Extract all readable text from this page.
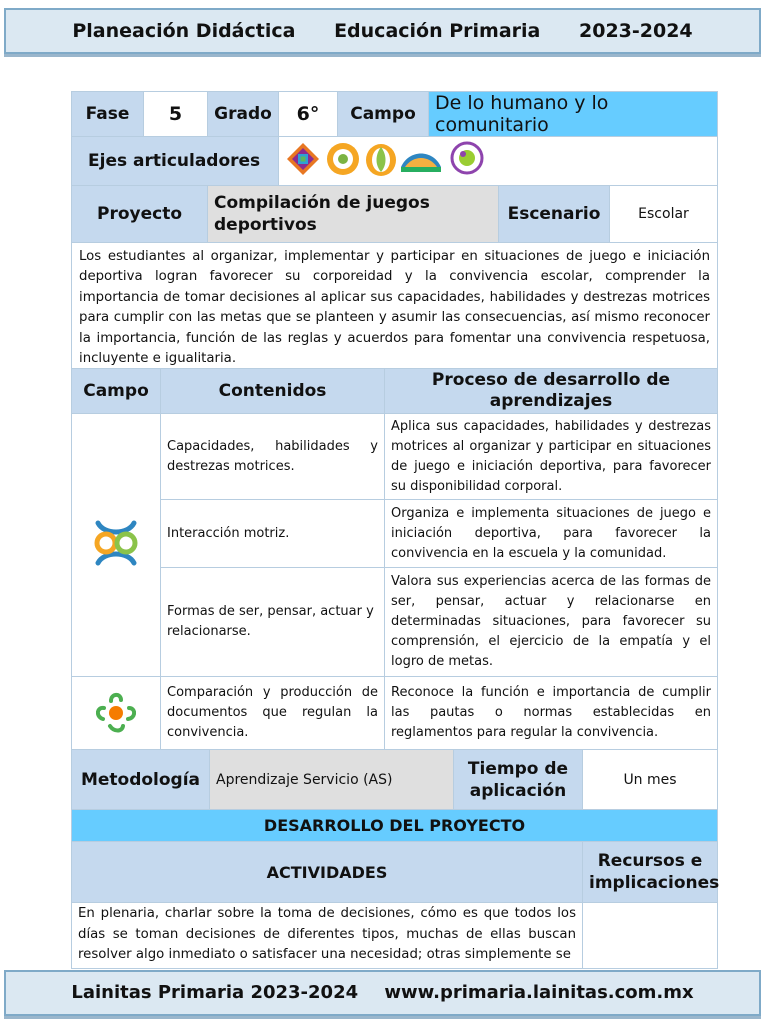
Planeación Didáctica Educación Primaria 2023-2024
Fase	5	Grado	6°	Campo	De lo humano y lo comunitario		
Ejes articuladores	
Proyecto		Compilación de juegos deportivos				Escenario	Escolar
Los estudiantes al organizar, implementar y participar en situaciones de juego e iniciación deportiva logran favorecer su corporeidad y la convivencia escolar, comprender la importancia de tomar decisiones al aplicar sus capacidades, habilidades y destrezas motrices para cumplir con las metas que se planteen y asumir las consecuencias, así mismo reconocer la importancia, función de las reglas y acuerdos para fomentar una convivencia respetuosa, incluyente e igualitaria.							
Campo	Contenidos	Proceso de desarrollo de aprendizajes
	Capacidades, habilidades y destrezas motrices.	Aplica sus capacidades, habilidades y destrezas motrices al organizar y participar en situaciones de juego e iniciación deportiva, para favorecer su disponibilidad corporal.
	Interacción motriz.	Organiza e implementa situaciones de juego e iniciación deportiva, para favorecer la convivencia en la escuela y la comunidad.
	Formas de ser, pensar, actuar y relacionarse.	Valora sus experiencias acerca de las formas de ser, pensar, actuar y relacionarse en determinadas situaciones, para favorecer su comprensión, el ejercicio de la empatía y el logro de metas.
	Comparación y producción de documentos que regulan la convivencia.	Reconoce la función e importancia de cumplir las pautas o normas establecidas en reglamentos para regular la convivencia.
Metodología	Aprendizaje Servicio (AS)	Tiempo de aplicación	Un mes
DESARROLLO DEL PROYECTO			
ACTIVIDADES			Recursos e implicaciones

En plenaria, charlar sobre la toma de decisiones, cómo es que todos los días se toman decisiones de diferentes tipos, muchas de ellas buscan resolver algo inmediato o satisfacer una necesidad; otras simplemente se			

Lainitas Primaria 2023-2024 www.primaria.lainitas.com.mx
